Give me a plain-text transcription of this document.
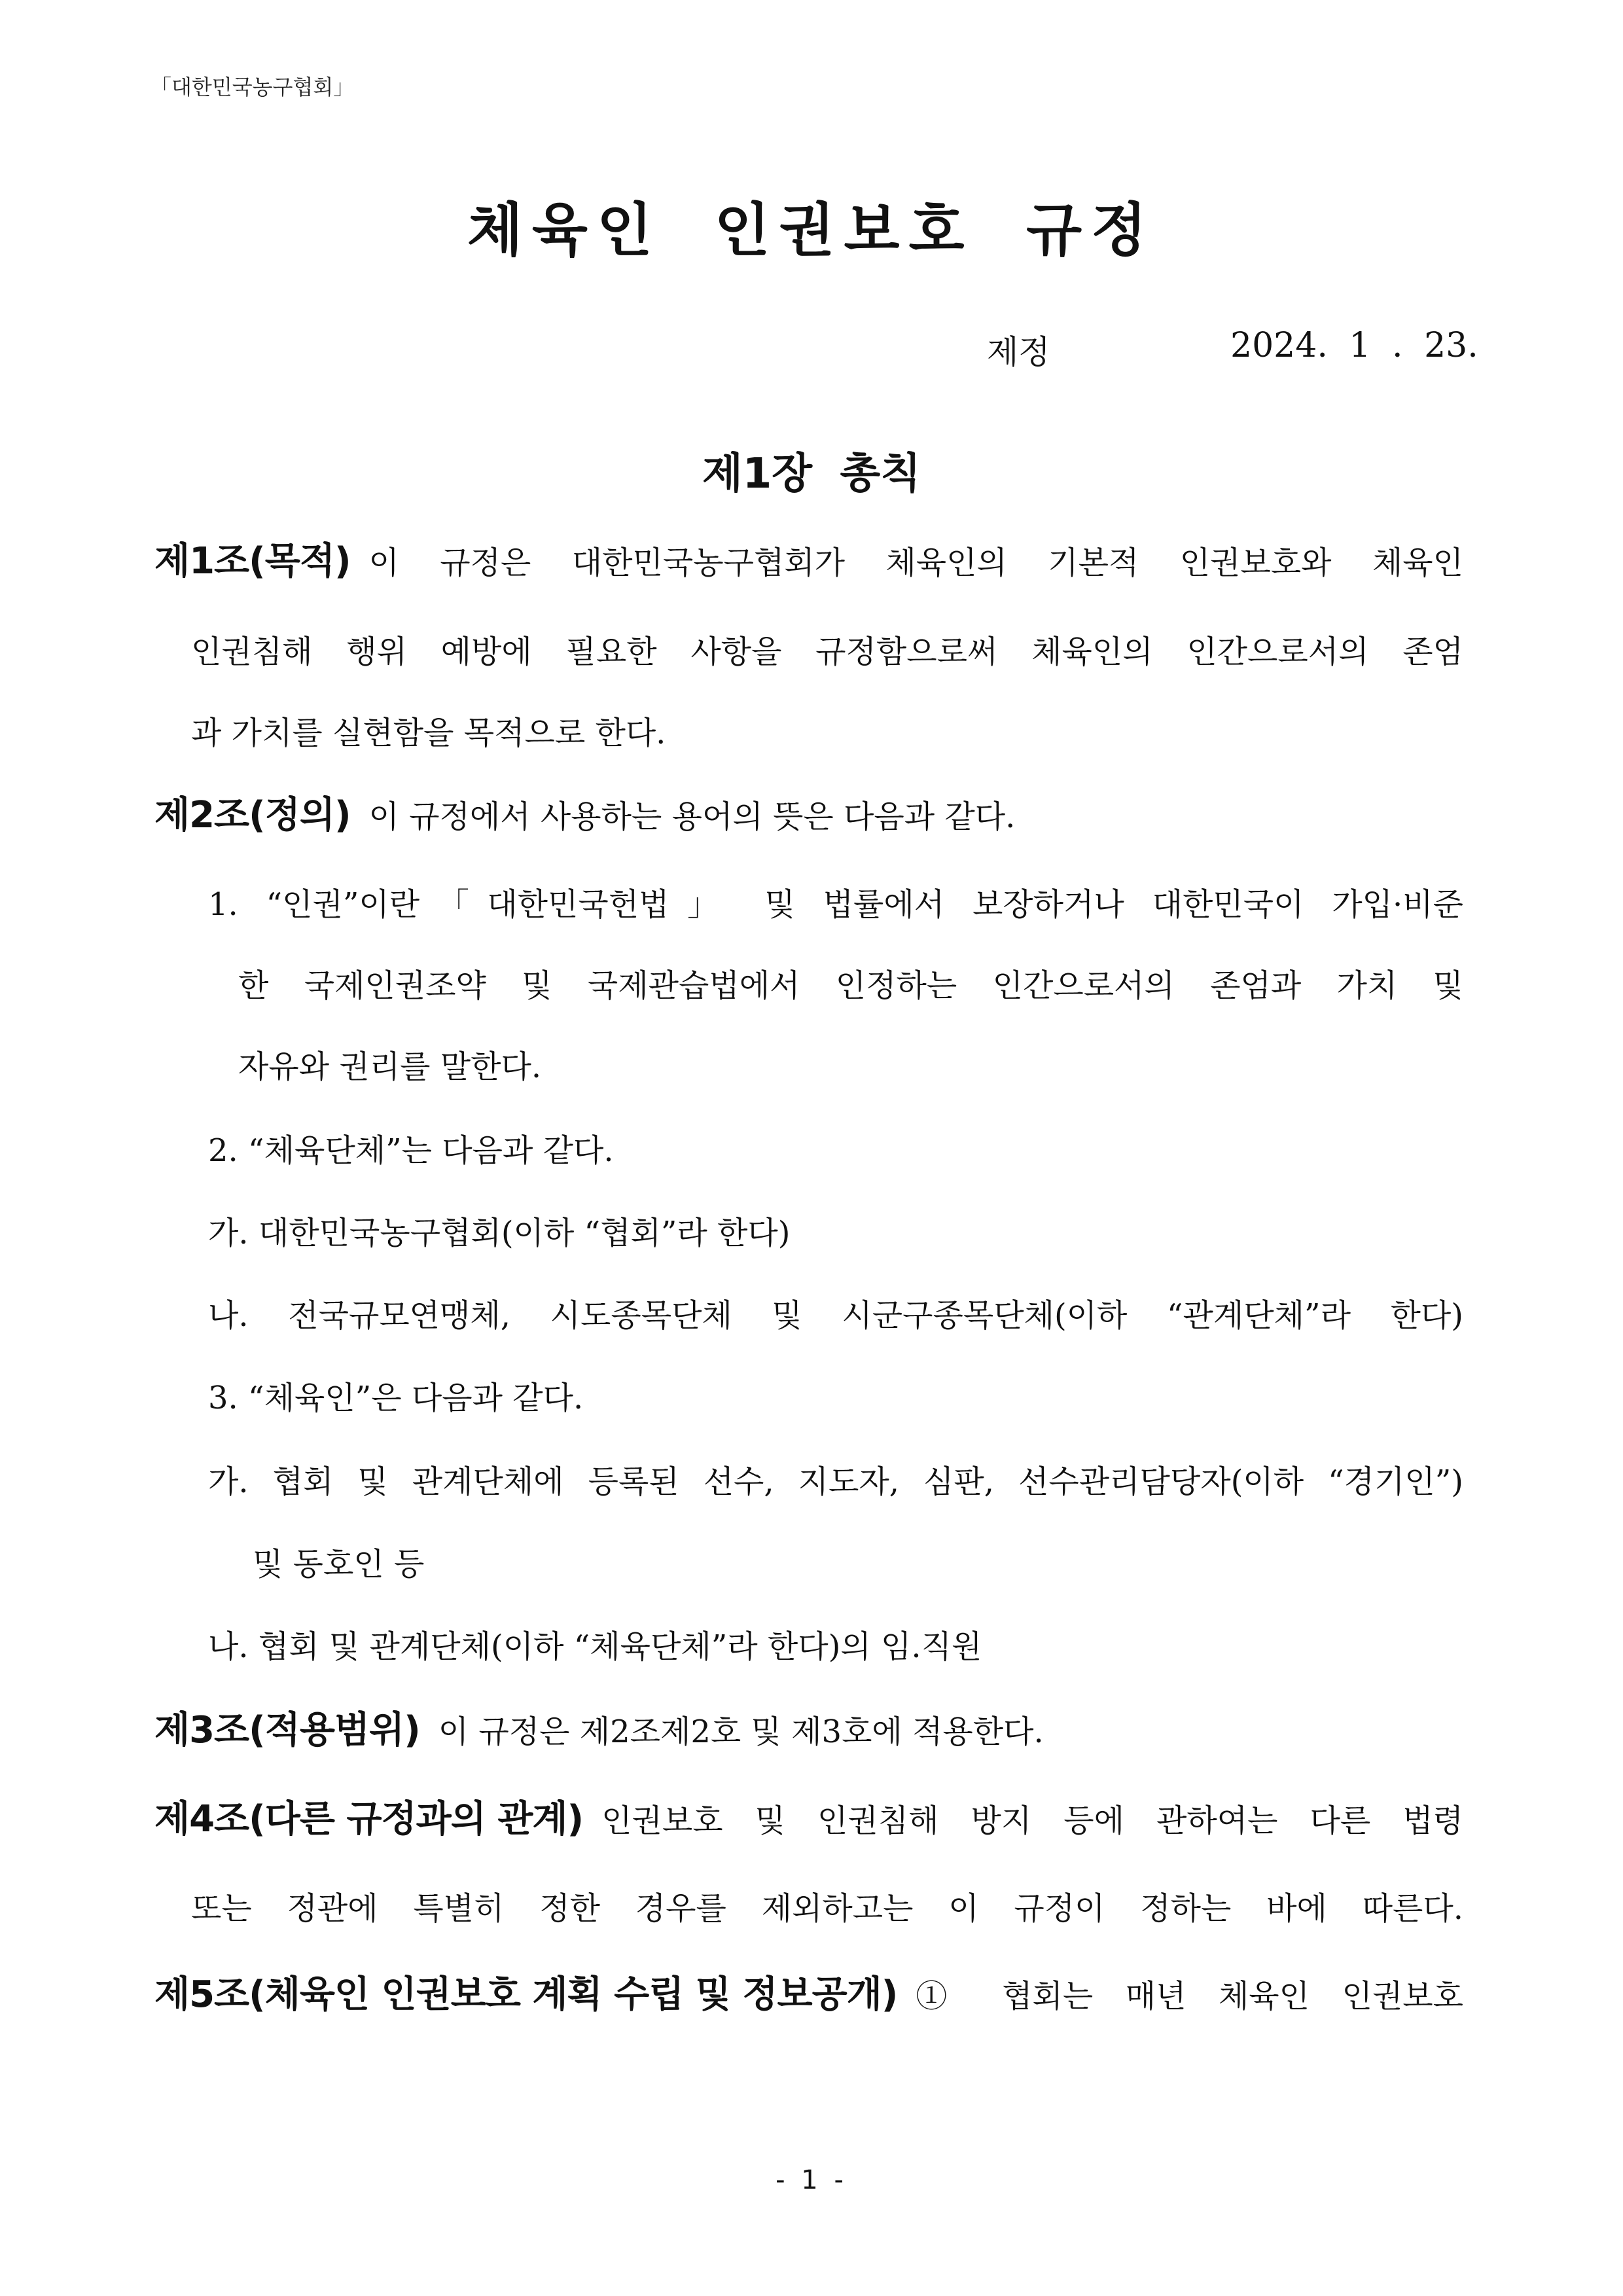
「대한민국농구협회」
체육인 인권보호 규정
제정	2024. 1 . 23.
제1장 총칙
제1조(목적) 이 규정은 대한민국농구협회가 체육인의 기본적 인권보호와 체육인
인권침해 행위 예방에 필요한 사항을 규정함으로써 체육인의 인간으로서의 존엄
과 가치를 실현함을 목적으로 한다.
제2조(정의) 이 규정에서 사용하는 용어의 뜻은 다음과 같다.
1. “인권”이란「대한민국헌법」 및 법률에서 보장하거나 대한민국이 가입·비준
한 국제인권조약 및 국제관습법에서 인정하는 인간으로서의 존엄과 가치 및
자유와 권리를 말한다.
2. “체육단체”는 다음과 같다.
가. 대한민국농구협회(이하 “협회”라 한다)
나. 전국규모연맹체, 시도종목단체 및 시군구종목단체(이하 “관계단체”라 한다)
3. “체육인”은 다음과 같다.
가. 협회 및 관계단체에 등록된 선수, 지도자, 심판, 선수관리담당자(이하 “경기인”)
및 동호인 등
나. 협회 및 관계단체(이하 “체육단체”라 한다)의 임.직원
제3조(적용범위) 이 규정은 제2조제2호 및 제3호에 적용한다.
제4조(다른 규정과의 관계) 인권보호 및 인권침해 방지 등에 관하여는 다른 법령
또는 정관에 특별히 정한 경우를 제외하고는 이 규정이 정하는 바에 따른다.
제5조(체육인 인권보호 계획 수립 및 정보공개) ① 협회는 매년 체육인 인권보호
- 1 -
